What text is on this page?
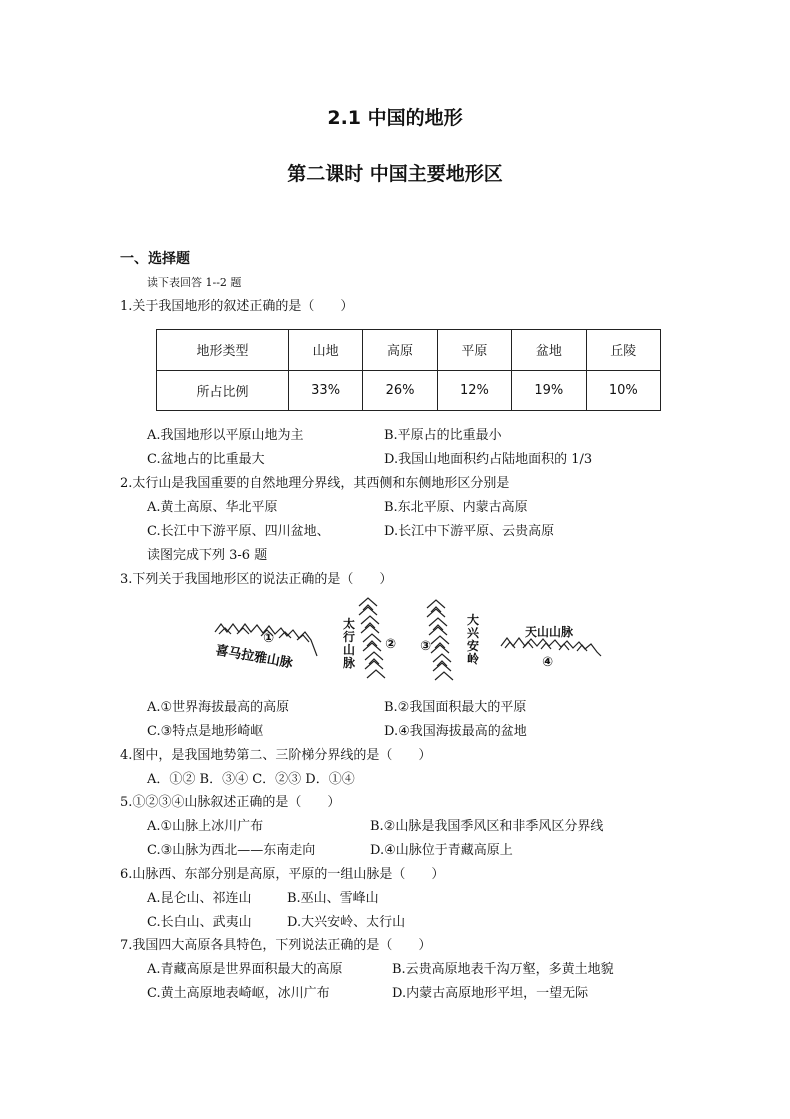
2.1 中国的地形
第二课时 中国主要地形区
一、选择题
读下表回答 1--2 题
1.关于我国地形的叙述正确的是（　　）
地形类型	山地	高原	平原	盆地	丘陵
所占比例	33%	26%	12%	19%	10%
A.我国地形以平原山地为主	B.平原占的比重最小
C.盆地占的比重最大	D.我国山地面积约占陆地面积的 1/3
2.太行山是我国重要的自然地理分界线，其西侧和东侧地形区分别是
A.黄土高原、华北平原	B.东北平原、内蒙古高原
C.长江中下游平原、四川盆地、	D.长江中下游平原、云贵高原
读图完成下列 3-6 题
3.下列关于我国地形区的说法正确的是（　　）
①
喜马拉雅山脉	②
太
行
山
脉
③
大
兴
安
岭
天山山脉
④
A.①世界海拔最高的高原	B.②我国面积最大的平原
C.③特点是地形崎岖	D.④我国海拔最高的盆地
4.图中，是我国地势第二、三阶梯分界线的是（　　）
A．①② B．③④ C．②③ D．①④
5.①②③④山脉叙述正确的是（　　）
A.①山脉上冰川广布	B.②山脉是我国季风区和非季风区分界线
C.③山脉为西北——东南走向	D.④山脉位于青藏高原上
6.山脉西、东部分别是高原，平原的一组山脉是（　　）
A.昆仑山、祁连山	B.巫山、雪峰山
C.长白山、武夷山	D.大兴安岭、太行山
7.我国四大高原各具特色，下列说法正确的是（　　）
A.青藏高原是世界面积最大的高原	B.云贵高原地表千沟万壑，多黄土地貌
C.黄土高原地表崎岖，冰川广布	D.内蒙古高原地形平坦，一望无际
